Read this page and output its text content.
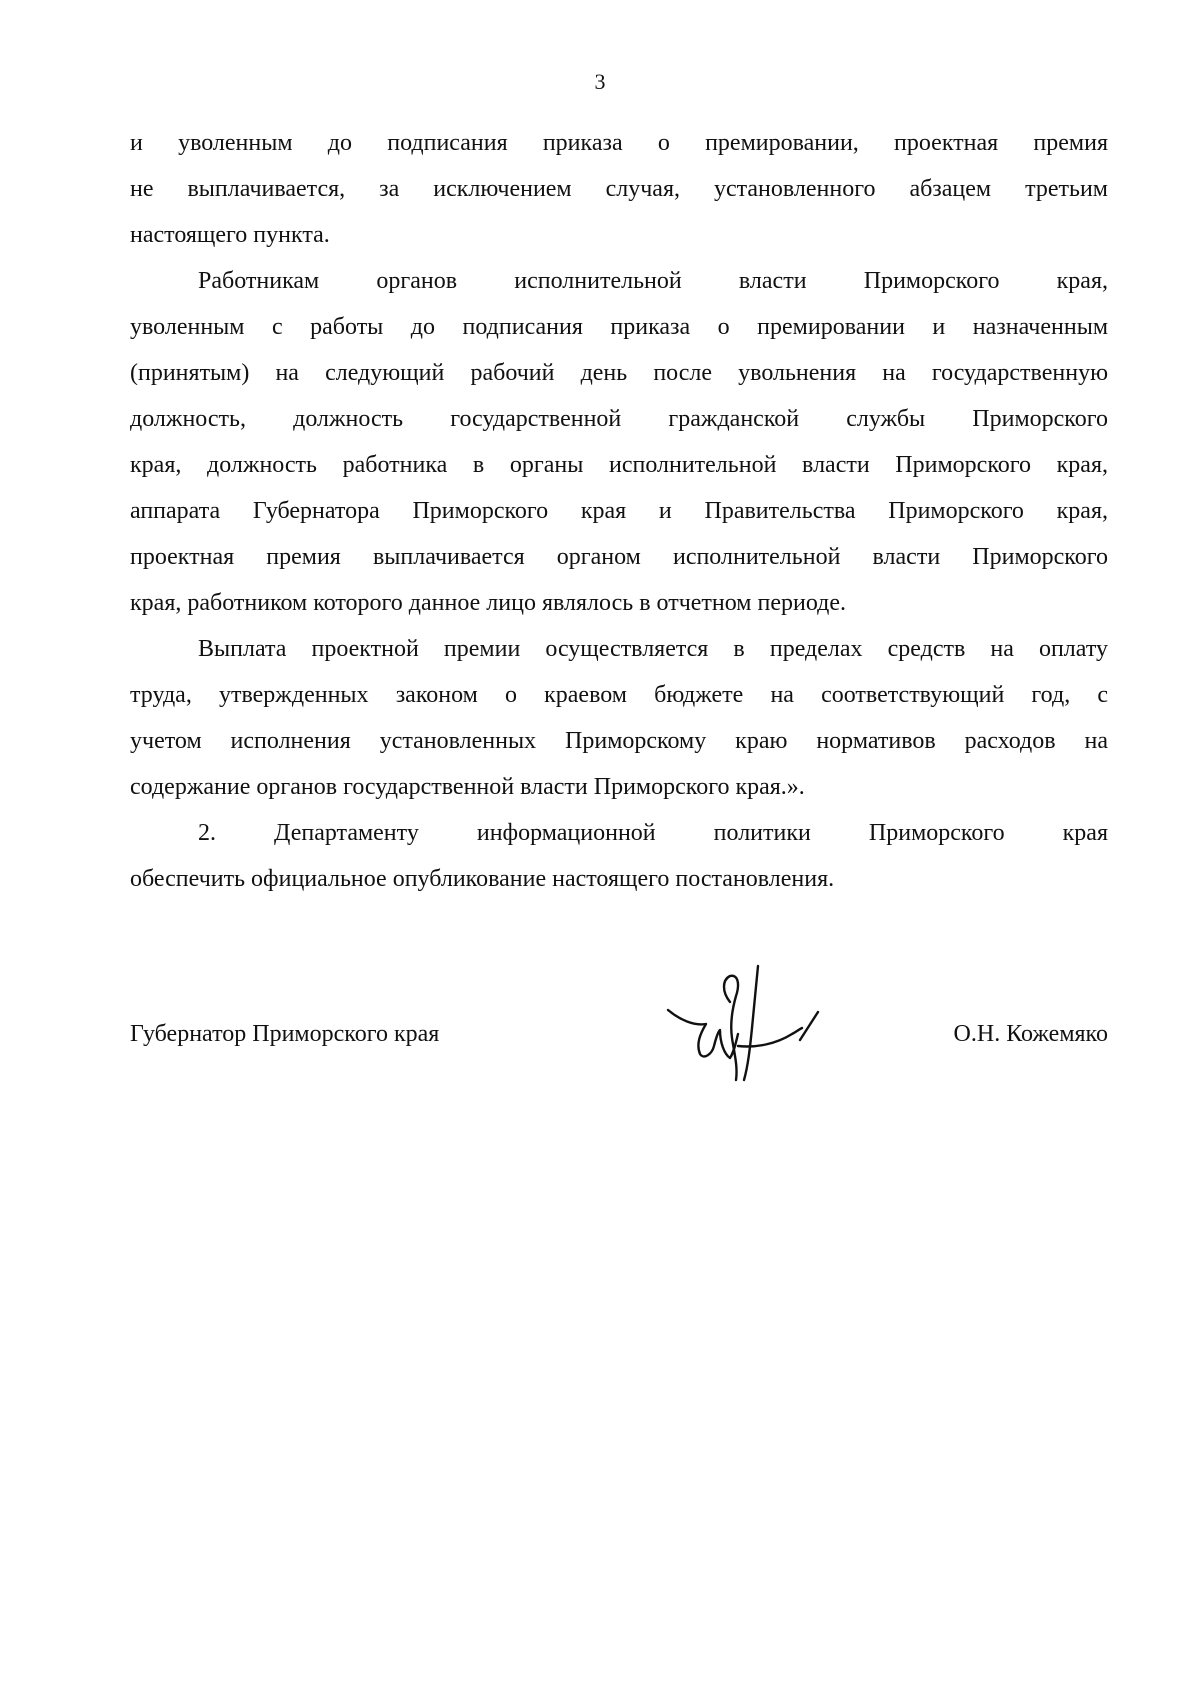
3

и уволенным до подписания приказа о премировании, проектная премия
не выплачивается, за исключением случая, установленного абзацем третьим
настоящего пункта.

Работникам органов исполнительной власти Приморского края,
уволенным с работы до подписания приказа о премировании и назначенным
(принятым) на следующий рабочий день после увольнения на государственную
должность, должность государственной гражданской службы Приморского
края, должность работника в органы исполнительной власти Приморского края,
аппарата Губернатора Приморского края и Правительства Приморского края,
проектная премия выплачивается органом исполнительной власти Приморского
края, работником которого данное лицо являлось в отчетном периоде.

Выплата проектной премии осуществляется в пределах средств на оплату
труда, утвержденных законом о краевом бюджете на соответствующий год, с
учетом исполнения установленных Приморскому краю нормативов расходов на
содержание органов государственной власти Приморского края.».

2. Департаменту информационной политики Приморского края
обеспечить официальное опубликование настоящего постановления.

Губернатор Приморского края	О.Н. Кожемяко
